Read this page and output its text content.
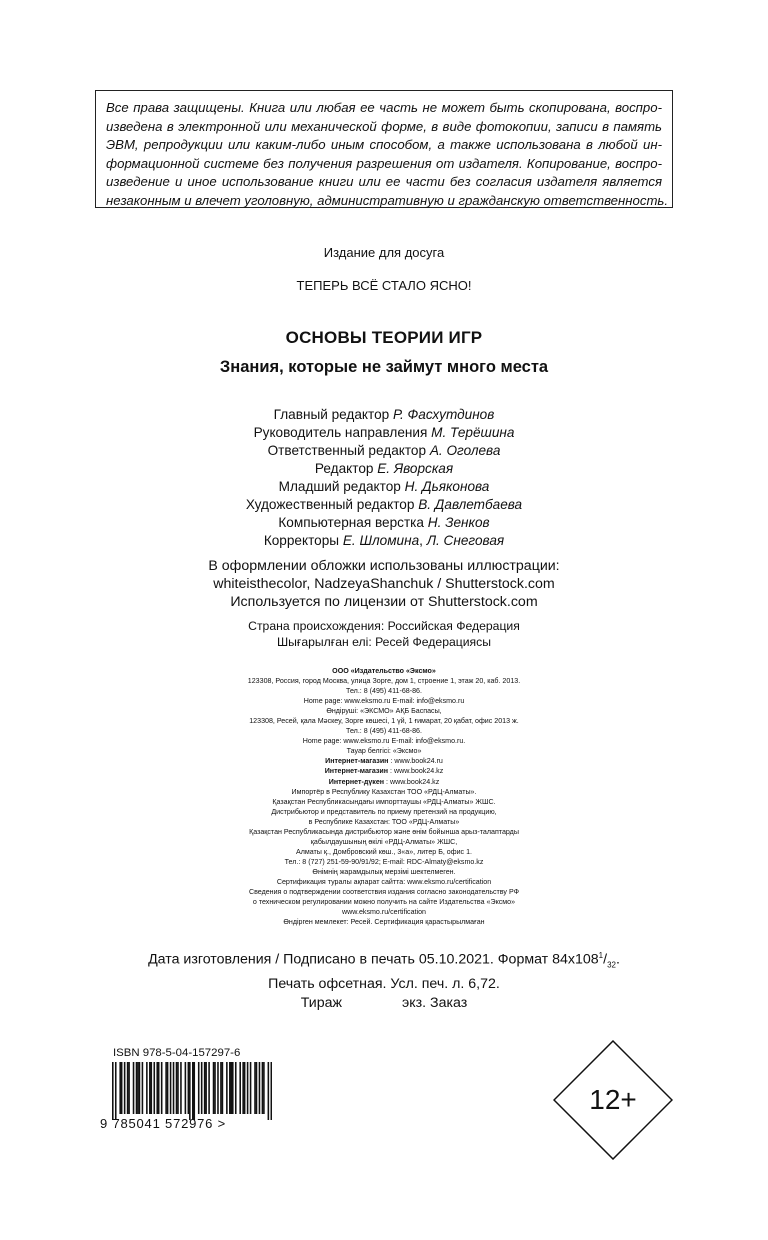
Все права защищены. Книга или любая ее часть не может быть скопирована, воспро-
изведена в электронной или механической форме, в виде фотокопии, записи в память
ЭВМ, репродукции или каким-либо иным способом, а также использована в любой ин-
формационной системе без получения разрешения от издателя. Копирование, воспро-
изведение и иное использование книги или ее части без согласия издателя является
незаконным и влечет уголовную, административную и гражданскую ответственность.
Издание для досуга
ТЕПЕРЬ ВСЁ СТАЛО ЯСНО!
ОСНОВЫ ТЕОРИИ ИГР
Знания, которые не займут много места
Главный редактор Р. Фасхутдинов
Руководитель направления М. Терёшина
Ответственный редактор А. Оголева
Редактор Е. Яворская
Младший редактор Н. Дьяконова
Художественный редактор В. Давлетбаева
Компьютерная верстка Н. Зенков
Корректоры Е. Шломина, Л. Снеговая
В оформлении обложки использованы иллюстрации:
whiteisthecolor, NadzeyaShanchuk / Shutterstock.com
Используется по лицензии от Shutterstock.com
Страна происхождения: Российская Федерация
Шығарылған елі: Ресей Федерациясы
ООО «Издательство «Эксмо»
123308, Россия, город Москва, улица Зорге, дом 1, строение 1, этаж 20, каб. 2013.
Тел.: 8 (495) 411-68-86.
Home page: www.eksmo.ru E-mail: info@eksmo.ru
Өндіруші: «ЭКСМО» АҚБ Баспасы,
123308, Ресей, қала Мәскеу, Зорге көшесі, 1 үй, 1 ғимарат, 20 қабат, офис 2013 ж.
Тел.: 8 (495) 411-68-86.
Home page: www.eksmo.ru E-mail: info@eksmo.ru.
Тауар белгісі: «Эксмо»
Интернет-магазин : www.book24.ru
Интернет-магазин : www.book24.kz
Интернет-дүкен : www.book24.kz
Импортёр в Республику Казахстан ТОО «РДЦ-Алматы».
Қазақстан Республикасындағы импорттаушы «РДЦ-Алматы» ЖШС.
Дистрибьютор и представитель по приему претензий на продукцию,
в Республике Казахстан: ТОО «РДЦ-Алматы»
Қазақстан Республикасында дистрибьютор және өнім бойынша арыз-талаптарды
қабылдаушының өкілі «РДЦ-Алматы» ЖШС,
Алматы қ., Домбровский көш., 3«а», литер Б, офис 1.
Тел.: 8 (727) 251-59-90/91/92; E-mail: RDC-Almaty@eksmo.kz
Өнімнің жарамдылық мерзімі шектелмеген.
Сертификация туралы ақпарат сайтта: www.eksmo.ru/certification
Сведения о подтверждении соответствия издания согласно законодательству РФ
о техническом регулировании можно получить на сайте Издательства «Эксмо»
www.eksmo.ru/certification
Өндірген мемлекет: Ресей. Сертификация қарастырылмаған
Дата изготовления / Подписано в печать 05.10.2021. Формат $84x108^1/_{32}$.
Печать офсетная. Усл. печ. л. 6,72.
Тираж	экз. Заказ
ISBN 978-5-04-157297-6
9 785041 572976 >
12+
